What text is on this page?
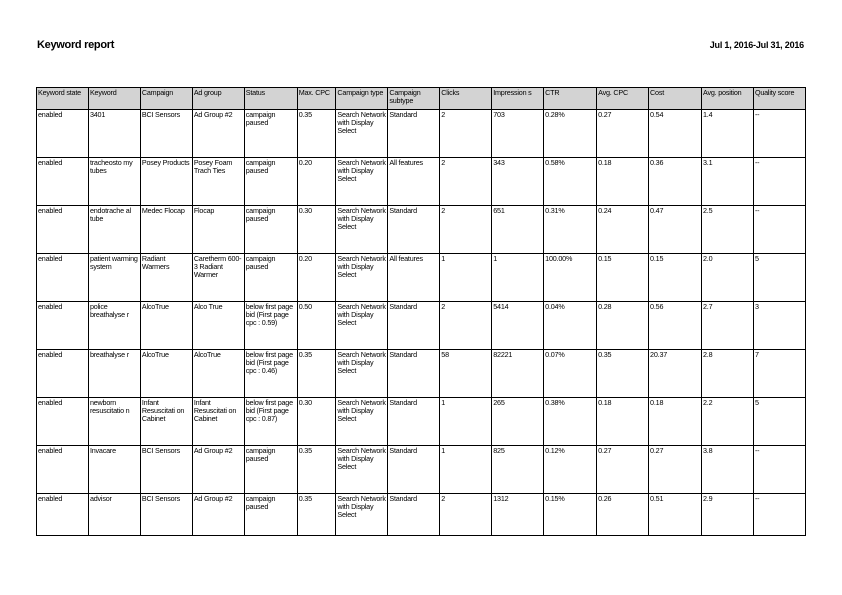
Keyword report	Jul 1, 2016-Jul 31, 2016
Keyword state	Keyword	Campaign	Ad group	Status	Max. CPC	Campaign type	Campaign subtype	Clicks	Impression s	CTR	Avg. CPC	Cost	Avg. position	Quality score
enabled	3401	BCI Sensors	Ad Group #2	campaign paused	0.35	Search Network with Display Select	Standard	2	703	0.28%	0.27	0.54	1.4	--
enabled	tracheosto my tubes	Posey Products	Posey Foam Trach Ties	campaign paused	0.20	Search Network with Display Select	All features	2	343	0.58%	0.18	0.36	3.1	--
enabled	endotrache al tube	Medec Flocap	Flocap	campaign paused	0.30	Search Network with Display Select	Standard	2	651	0.31%	0.24	0.47	2.5	--
enabled	patient warming system	Radiant Warmers	Caretherm 600-3 Radiant Warmer	campaign paused	0.20	Search Network with Display Select	All features	1	1	100.00%	0.15	0.15	2.0	5
enabled	police breathalyse r	AlcoTrue	Alco True	below first page bid (First page cpc : 0.59)	0.50	Search Network with Display Select	Standard	2	5414	0.04%	0.28	0.56	2.7	3
enabled	breathalyse r	AlcoTrue	AlcoTrue	below first page bid (First page cpc : 0.46)	0.35	Search Network with Display Select	Standard	58	82221	0.07%	0.35	20.37	2.8	7
enabled	newborn resuscitatio n	Infant Resuscitati on Cabinet	Infant Resuscitati on Cabinet	below first page bid (First page cpc : 0.87)	0.30	Search Network with Display Select	Standard	1	265	0.38%	0.18	0.18	2.2	5
enabled	Invacare	BCI Sensors	Ad Group #2	campaign paused	0.35	Search Network with Display Select	Standard	1	825	0.12%	0.27	0.27	3.8	--
enabled	advisor	BCI Sensors	Ad Group #2	campaign paused	0.35	Search Network with Display Select	Standard	2	1312	0.15%	0.26	0.51	2.9	--
